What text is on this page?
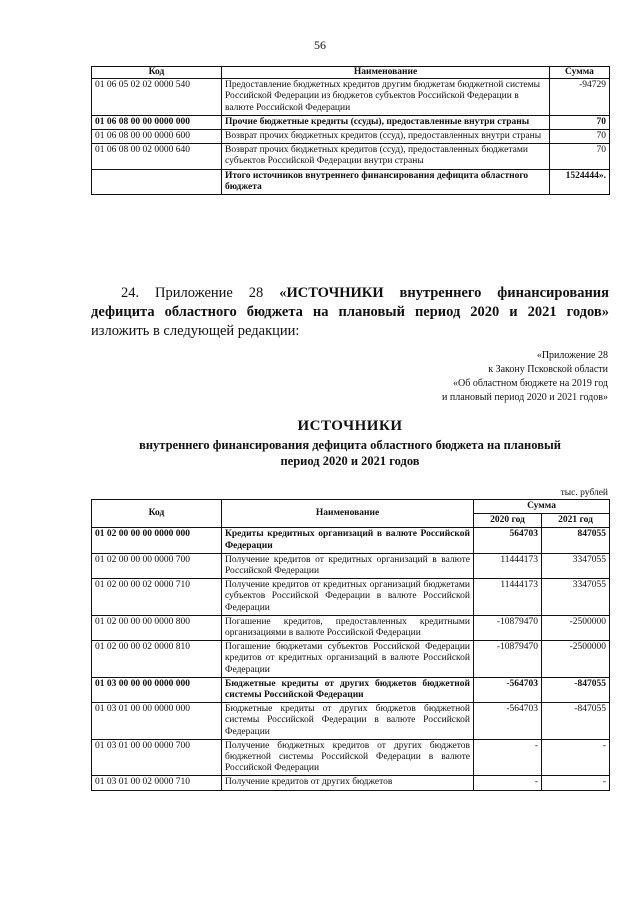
56
Код	Наименование	Сумма
01 06 05 02 02 0000 540	Предоставление бюджетных кредитов другим бюджетам бюджетной системы Российской Федерации из бюджетов субъектов Российской Федерации в валюте Российской Федерации	-94729
01 06 08 00 00 0000 000	Прочие бюджетные кредиты (ссуды), предоставленные внутри страны	70
01 06 08 00 00 0000 600	Возврат прочих бюджетных кредитов (ссуд), предоставленных внутри страны	70
01 06 08 00 02 0000 640	Возврат прочих бюджетных кредитов (ссуд), предоставленных бюджетами субъектов Российской Федерации внутри страны	70
	Итого источников внутреннего финансирования дефицита областного бюджета	1524444».
24. Приложение 28 «ИСТОЧНИКИ внутреннего финансирования дефицита областного бюджета на плановый период 2020 и 2021 годов» изложить в следующей редакции:
«Приложение 28
к Закону Псковской области
«Об областном бюджете на 2019 год
и плановый период 2020 и 2021 годов»
ИСТОЧНИКИ
внутреннего финансирования дефицита областного бюджета на плановый
период 2020 и 2021 годов
тыс. рублей
Код	Наименование	Сумма	
		2020 год	2021 год
01 02 00 00 00 0000 000	Кредиты кредитных организаций в валюте Российской Федерации	564703	847055
01 02 00 00 00 0000 700	Получение кредитов от кредитных организаций в валюте Российской Федерации	11444173	3347055
01 02 00 00 02 0000 710	Получение кредитов от кредитных организаций бюджетами субъектов Российской Федерации в валюте Российской Федерации	11444173	3347055
01 02 00 00 00 0000 800	Погашение кредитов, предоставленных кредитными организациями в валюте Российской Федерации	-10879470	-2500000
01 02 00 00 02 0000 810	Погашение бюджетами субъектов Российской Федерации кредитов от кредитных организаций в валюте Российской Федерации	-10879470	-2500000
01 03 00 00 00 0000 000	Бюджетные кредиты от других бюджетов бюджетной системы Российской Федерации	-564703	-847055
01 03 01 00 00 0000 000	Бюджетные кредиты от других бюджетов бюджетной системы Российской Федерации в валюте Российской Федерации	-564703	-847055
01 03 01 00 00 0000 700	Получение бюджетных кредитов от других бюджетов бюджетной системы Российской Федерации в валюте Российской Федерации	-	-
01 03 01 00 02 0000 710	Получение кредитов от других бюджетов	-	-
